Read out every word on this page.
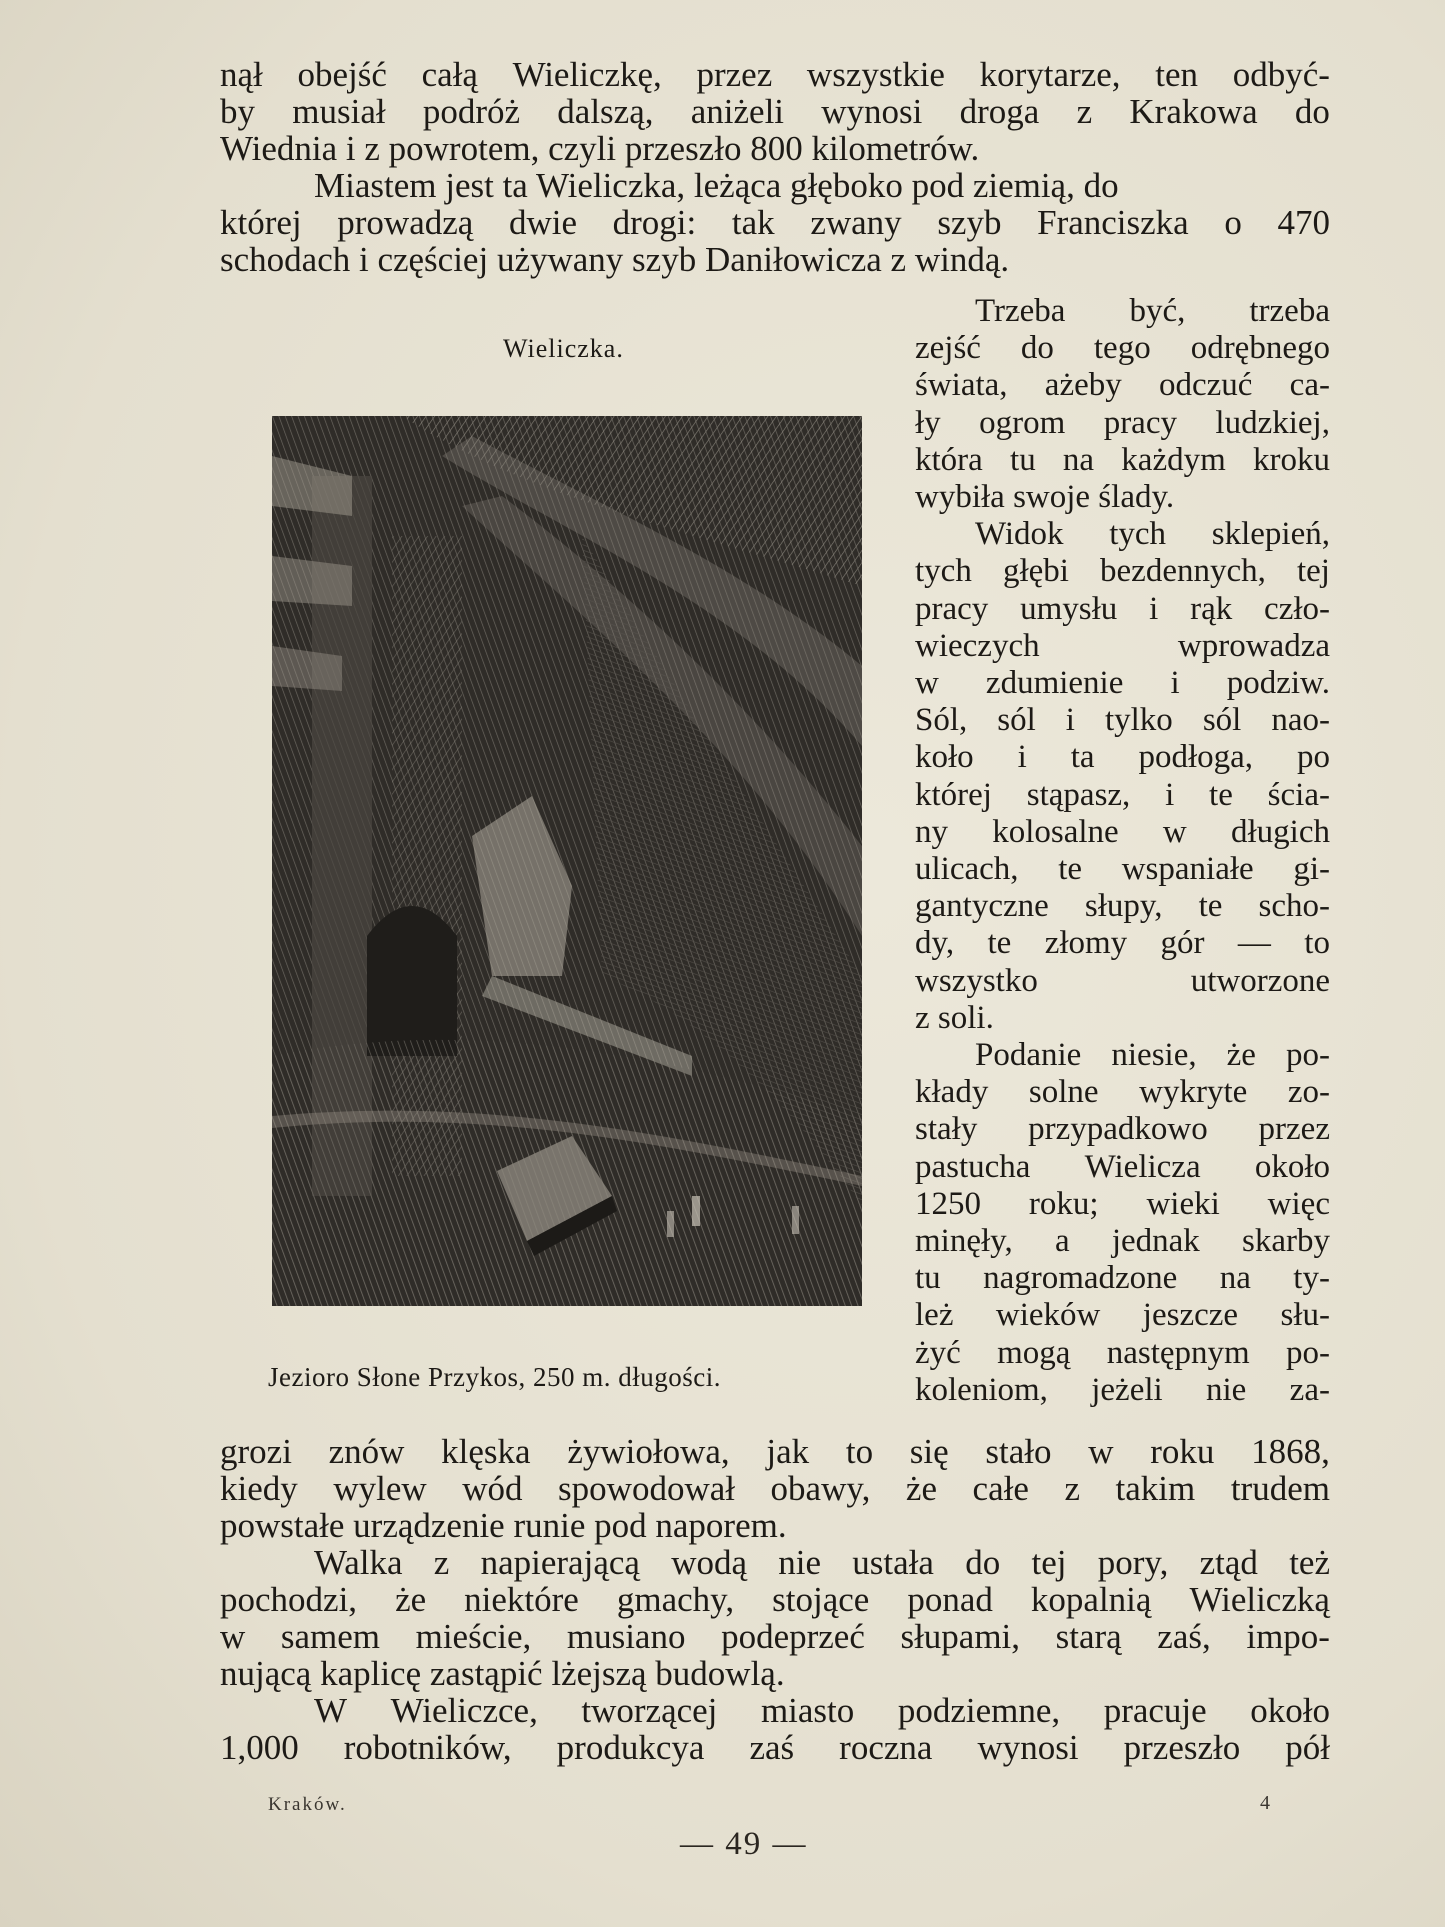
nął obejść całą Wieliczkę, przez wszystkie korytarze, ten odbyć-
by musiał podróż dalszą, aniżeli wynosi droga z Krakowa do
Wiednia i z powrotem, czyli przeszło 800 kilometrów.
Miastem jest ta Wieliczka, leżąca głęboko pod ziemią, do
której prowadzą dwie drogi: tak zwany szyb Franciszka o 470
schodach i częściej używany szyb Daniłowicza z windą.
Wieliczka.
Jezioro Słone Przykos, 250 m. długości.
Trzeba być, trzeba
zejść do tego odrębnego
świata, ażeby odczuć ca-
ły ogrom pracy ludzkiej,
która tu na każdym kroku
wybiła swoje ślady.
Widok tych sklepień,
tych głębi bezdennych, tej
pracy umysłu i rąk czło-
wieczych	wprowadza
w zdumienie i podziw.
Sól, sól i tylko sól nao-
koło i ta podłoga, po
której stąpasz, i te ścia-
ny kolosalne w długich
ulicach, te wspaniałe gi-
gantyczne słupy, te scho-
dy, te złomy gór — to
wszystko	utworzone
z soli.
Podanie niesie, że po-
kłady solne wykryte zo-
stały przypadkowo przez
pastucha Wielicza około
1250 roku; wieki więc
minęły, a jednak skarby
tu nagromadzone na ty-
leż wieków jeszcze słu-
żyć mogą następnym po-
koleniom, jeżeli nie za-
grozi znów klęska żywiołowa, jak to się stało w roku 1868,
kiedy wylew wód spowodował obawy, że całe z takim trudem
powstałe urządzenie runie pod naporem.
Walka z napierającą wodą nie ustała do tej pory, ztąd też
pochodzi, że niektóre gmachy, stojące ponad kopalnią Wieliczką
w samem mieście, musiano podeprzeć słupami, starą zaś, impo-
nującą kaplicę zastąpić lżejszą budowlą.
W Wieliczce, tworzącej miasto podziemne, pracuje około
1,000 robotników, produkcya zaś roczna wynosi przeszło pół
Kraków.	4
— 49 —
